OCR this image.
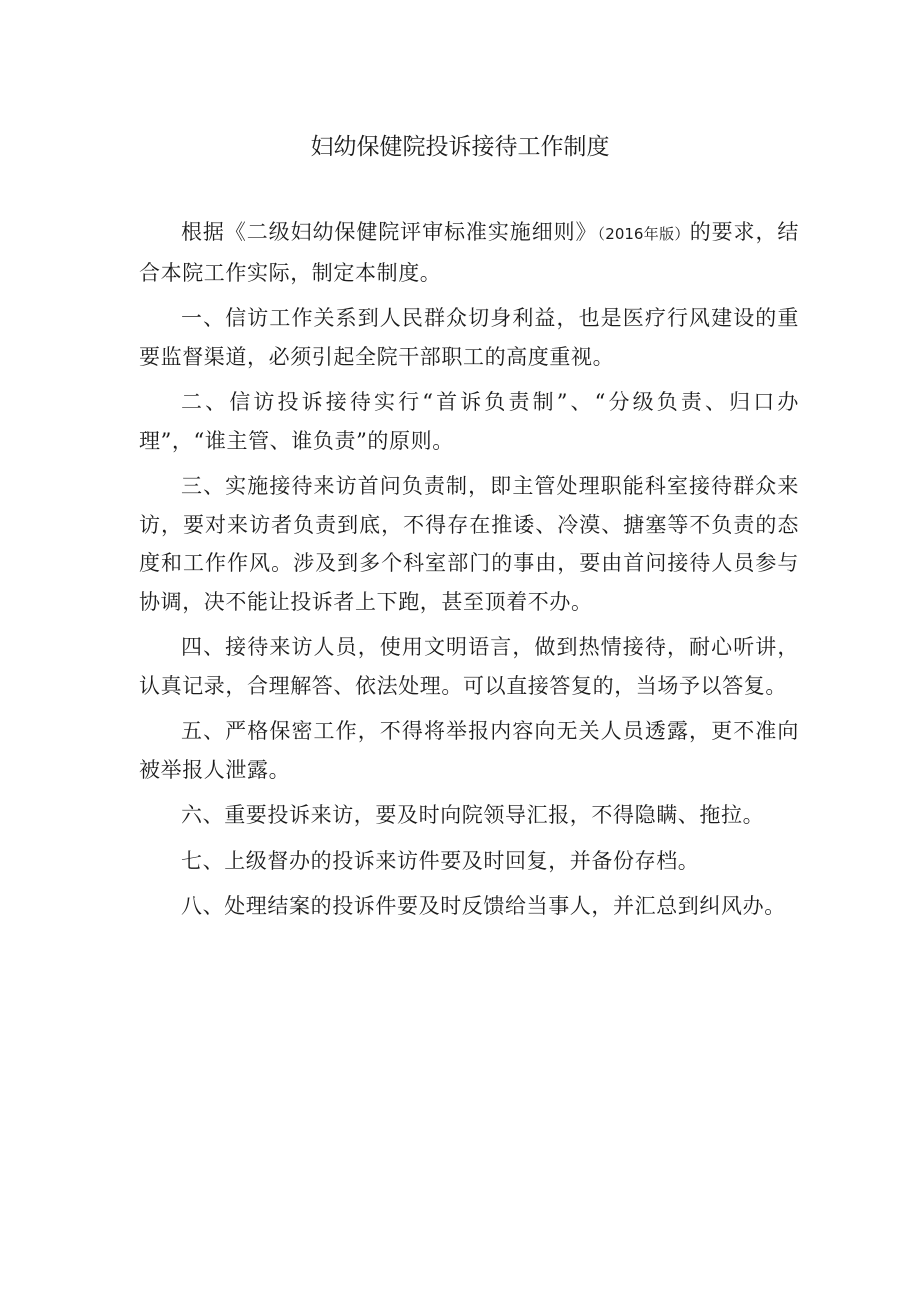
妇幼保健院投诉接待工作制度

根据《二级妇幼保健院评审标准实施细则》（2016年版）的要求，结合本院工作实际，制定本制度。

一、信访工作关系到人民群众切身利益，也是医疗行风建设的重要监督渠道，必须引起全院干部职工的高度重视。

二、信访投诉接待实行“首诉负责制”、“分级负责、归口办理”，“谁主管、谁负责”的原则。

三、实施接待来访首问负责制，即主管处理职能科室接待群众来访，要对来访者负责到底，不得存在推诿、冷漠、搪塞等不负责的态度和工作作风。涉及到多个科室部门的事由，要由首问接待人员参与协调，决不能让投诉者上下跑，甚至顶着不办。

四、接待来访人员，使用文明语言，做到热情接待，耐心听讲，认真记录，合理解答、依法处理。可以直接答复的，当场予以答复。

五、严格保密工作，不得将举报内容向无关人员透露，更不准向被举报人泄露。

六、重要投诉来访，要及时向院领导汇报，不得隐瞒、拖拉。

七、上级督办的投诉来访件要及时回复，并备份存档。

八、处理结案的投诉件要及时反馈给当事人，并汇总到纠风办。
